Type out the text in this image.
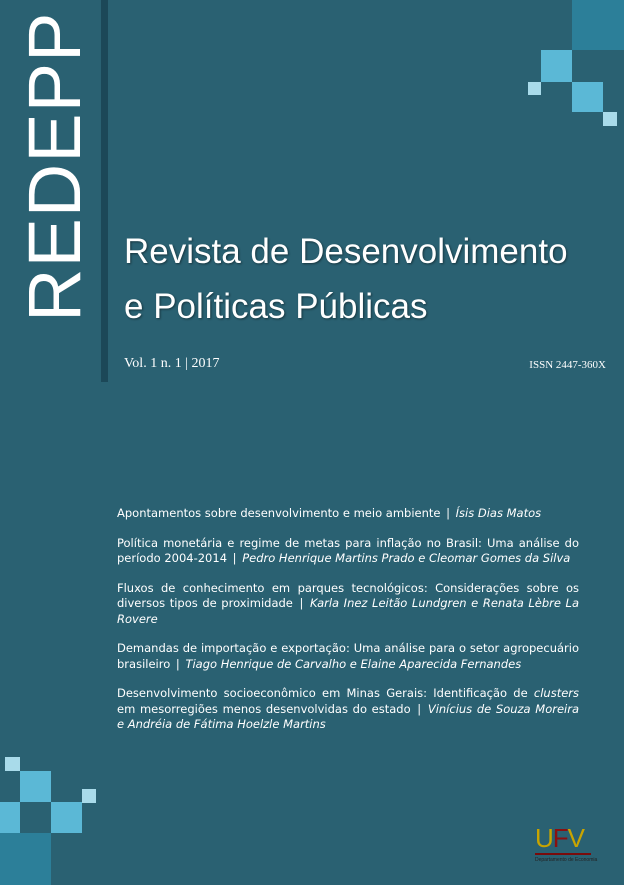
REDEPP Revista de Desenvolvimento
e Políticas Públicas
Vol. 1 n. 1 | 2017	ISSN 2447-360X

Apontamentos sobre desenvolvimento e meio ambiente | Ísis Dias Matos

Política monetária e regime de metas para inflação no Brasil: Uma análise do período 2004-2014 | Pedro Henrique Martins Prado e Cleomar Gomes da Silva

Fluxos de conhecimento em parques tecnológicos: Considerações sobre os diversos tipos de proximidade | Karla Inez Leitão Lundgren e Renata Lèbre La Rovere

Demandas de importação e exportação: Uma análise para o setor agropecuário brasileiro | Tiago Henrique de Carvalho e Elaine Aparecida Fernandes

Desenvolvimento socioeconômico em Minas Gerais: Identificação de clusters em mesorregiões menos desenvolvidas do estado | Vinícius de Souza Moreira e Andréia de Fátima Hoelzle Martins

UFV
Departamento de Economia
